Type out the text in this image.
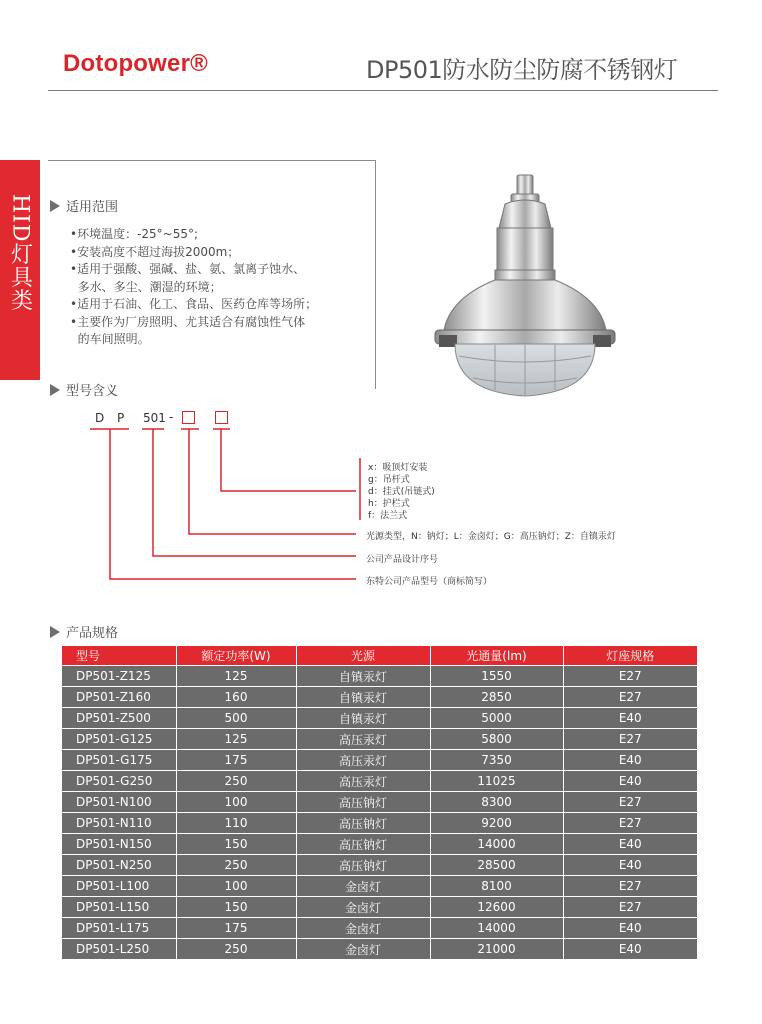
Dotopower®	DP501防水防尘防腐不锈钢灯
HID灯具类	适用范围
•环境温度：-25°~55°;
•安装高度不超过海拔2000m；
•适用于强酸、强碱、盐、氨、氯离子蚀水、
多水、多尘、潮湿的环境；
•适用于石油、化工、食品、医药仓库等场所；
•主要作为厂房照明、尤其适合有腐蚀性气体
的车间照明。
型号含义
D P 501 -
x：吸顶灯安装
g：吊杆式
d：挂式(吊链式)
h：护栏式
f：法兰式
光源类型，N：钠灯；L：金卤灯；G：高压钠灯；Z：自镇汞灯
公司产品设计序号
东特公司产品型号（商标简写）
产品规格
型号	额定功率(W)	光源	光通量(lm)	灯座规格
DP501-Z125	125	自镇汞灯	1550	E27
DP501-Z160	160	自镇汞灯	2850	E27
DP501-Z500	500	自镇汞灯	5000	E40
DP501-G125	125	高压汞灯	5800	E27
DP501-G175	175	高压汞灯	7350	E40
DP501-G250	250	高压汞灯	11025	E40
DP501-N100	100	高压钠灯	8300	E27
DP501-N110	110	高压钠灯	9200	E27
DP501-N150	150	高压钠灯	14000	E40
DP501-N250	250	高压钠灯	28500	E40
DP501-L100	100	金卤灯	8100	E27
DP501-L150	150	金卤灯	12600	E27
DP501-L175	175	金卤灯	14000	E40
DP501-L250	250	金卤灯	21000	E40
